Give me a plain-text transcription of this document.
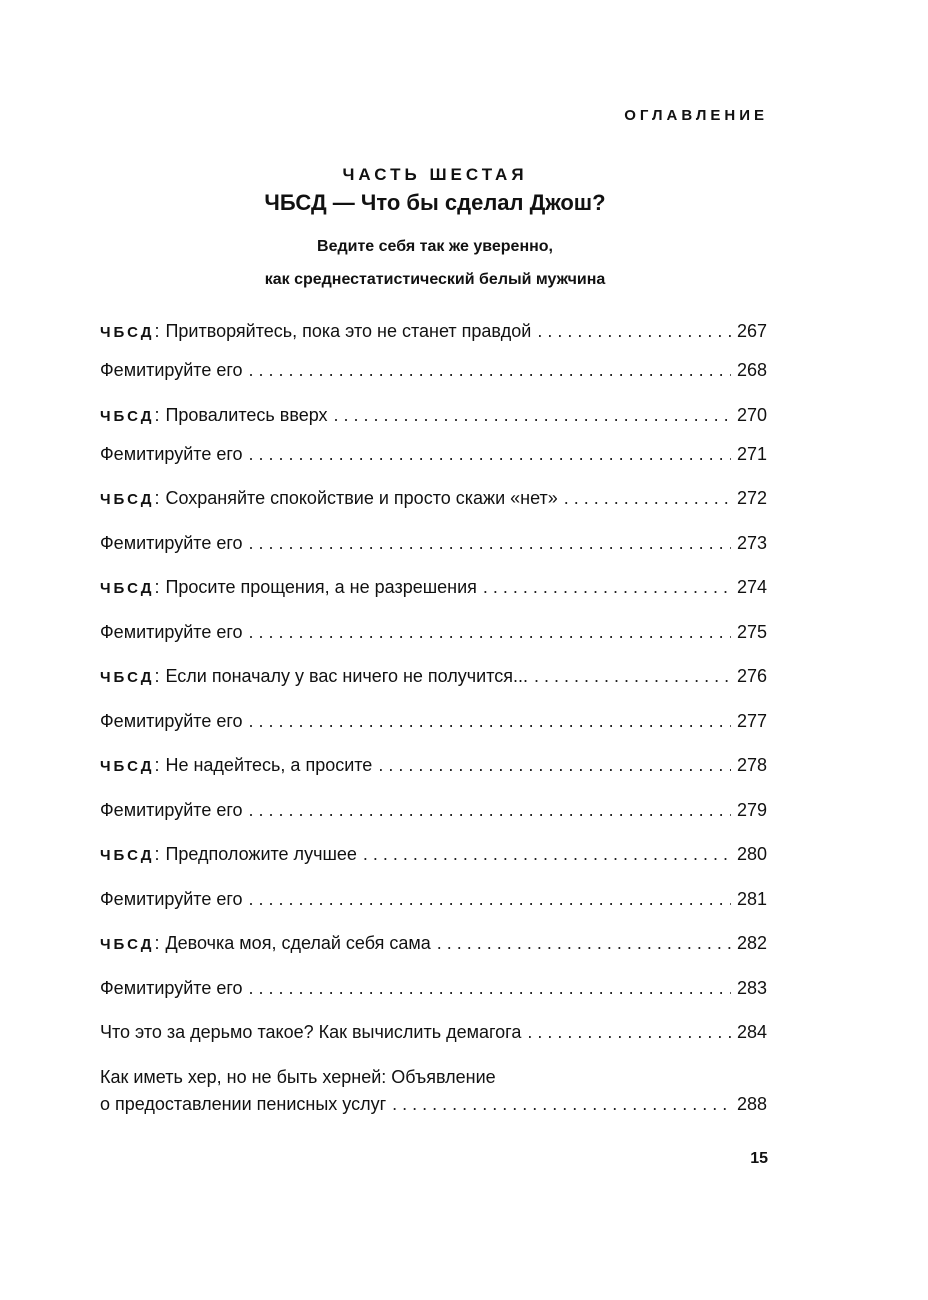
ОГЛАВЛЕНИЕ
ЧАСТЬ ШЕСТАЯ
ЧБСД — Что бы сделал Джош?
Ведите себя так же уверенно,
как среднестатистический белый мужчина
ЧБСД : Притворяйтесь, пока это не станет правдой . . .	267
Фемитируйте его . . .	268
ЧБСД : Провалитесь вверх . . .	270
Фемитируйте его . . .	271
ЧБСД : Сохраняйте спокойствие и просто скажи «нет» . . .	272
Фемитируйте его . . .	273
ЧБСД : Просите прощения, а не разрешения . . .	274
Фемитируйте его . . .	275
ЧБСД : Если поначалу у вас ничего не получится... . . .	276
Фемитируйте его . . .	277
ЧБСД : Не надейтесь, а просите . . .	278
Фемитируйте его . . .	279
ЧБСД : Предположите лучшее . . .	280
Фемитируйте его . . .	281
ЧБСД : Девочка моя, сделай себя сама . . .	282
Фемитируйте его . . .	283
Что это за дерьмо такое? Как вычислить демагога . . .	284
Как иметь хер, но не быть херней: Объявление
о предоставлении пенисных услуг . . .	288
15
